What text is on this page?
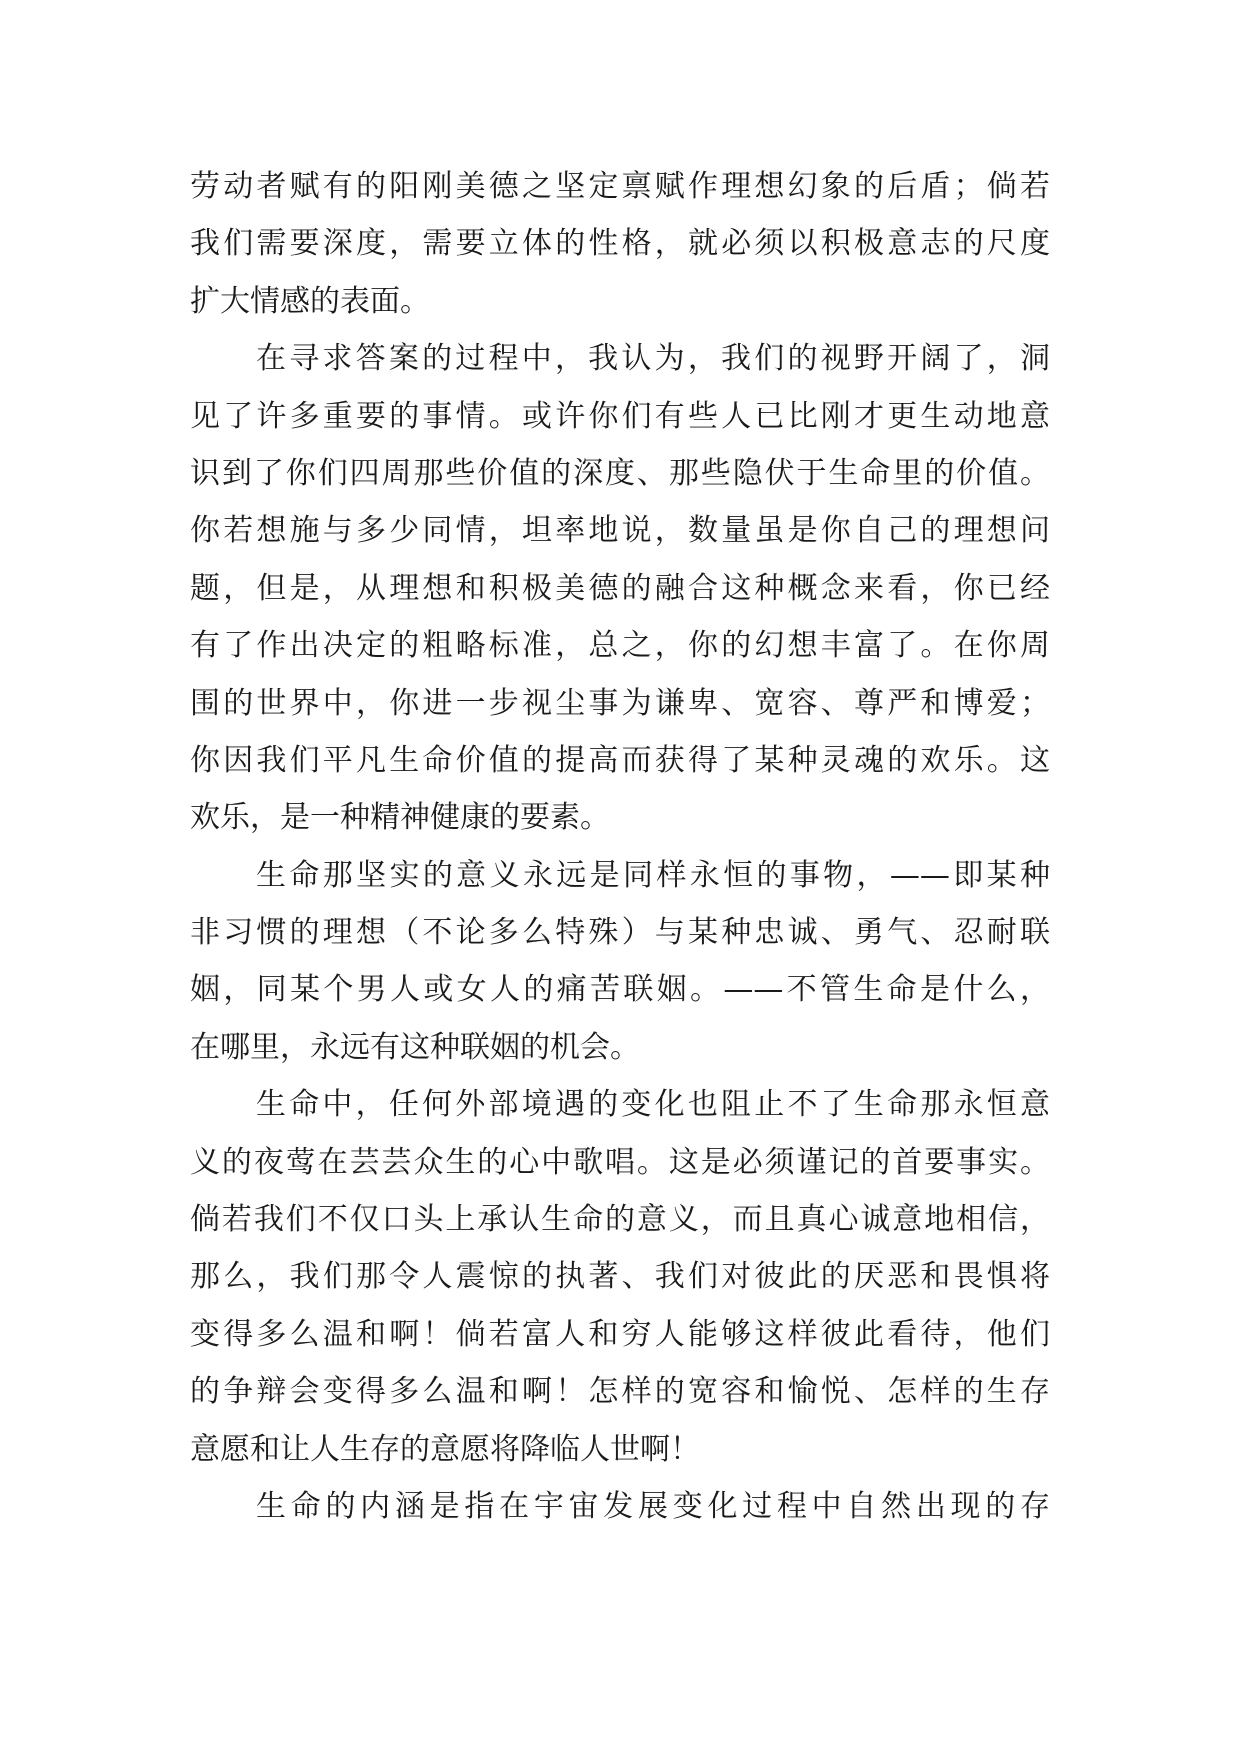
劳动者赋有的阳刚美德之坚定禀赋作理想幻象的后盾；倘若
我们需要深度，需要立体的性格，就必须以积极意志的尺度
扩大情感的表面。
在寻求答案的过程中，我认为，我们的视野开阔了，洞
见了许多重要的事情。或许你们有些人已比刚才更生动地意
识到了你们四周那些价值的深度、那些隐伏于生命里的价值。
你若想施与多少同情，坦率地说，数量虽是你自己的理想问
题，但是，从理想和积极美德的融合这种概念来看，你已经
有了作出决定的粗略标准，总之，你的幻想丰富了。在你周
围的世界中，你进一步视尘事为谦卑、宽容、尊严和博爱；
你因我们平凡生命价值的提高而获得了某种灵魂的欢乐。这
欢乐，是一种精神健康的要素。
生命那坚实的意义永远是同样永恒的事物，——即某种
非习惯的理想（不论多么特殊）与某种忠诚、勇气、忍耐联
姻，同某个男人或女人的痛苦联姻。——不管生命是什么，
在哪里，永远有这种联姻的机会。
生命中，任何外部境遇的变化也阻止不了生命那永恒意
义的夜莺在芸芸众生的心中歌唱。这是必须谨记的首要事实。
倘若我们不仅口头上承认生命的意义，而且真心诚意地相信，
那么，我们那令人震惊的执著、我们对彼此的厌恶和畏惧将
变得多么温和啊！倘若富人和穷人能够这样彼此看待，他们
的争辩会变得多么温和啊！怎样的宽容和愉悦、怎样的生存
意愿和让人生存的意愿将降临人世啊！
生命的内涵是指在宇宙发展变化过程中自然出现的存
